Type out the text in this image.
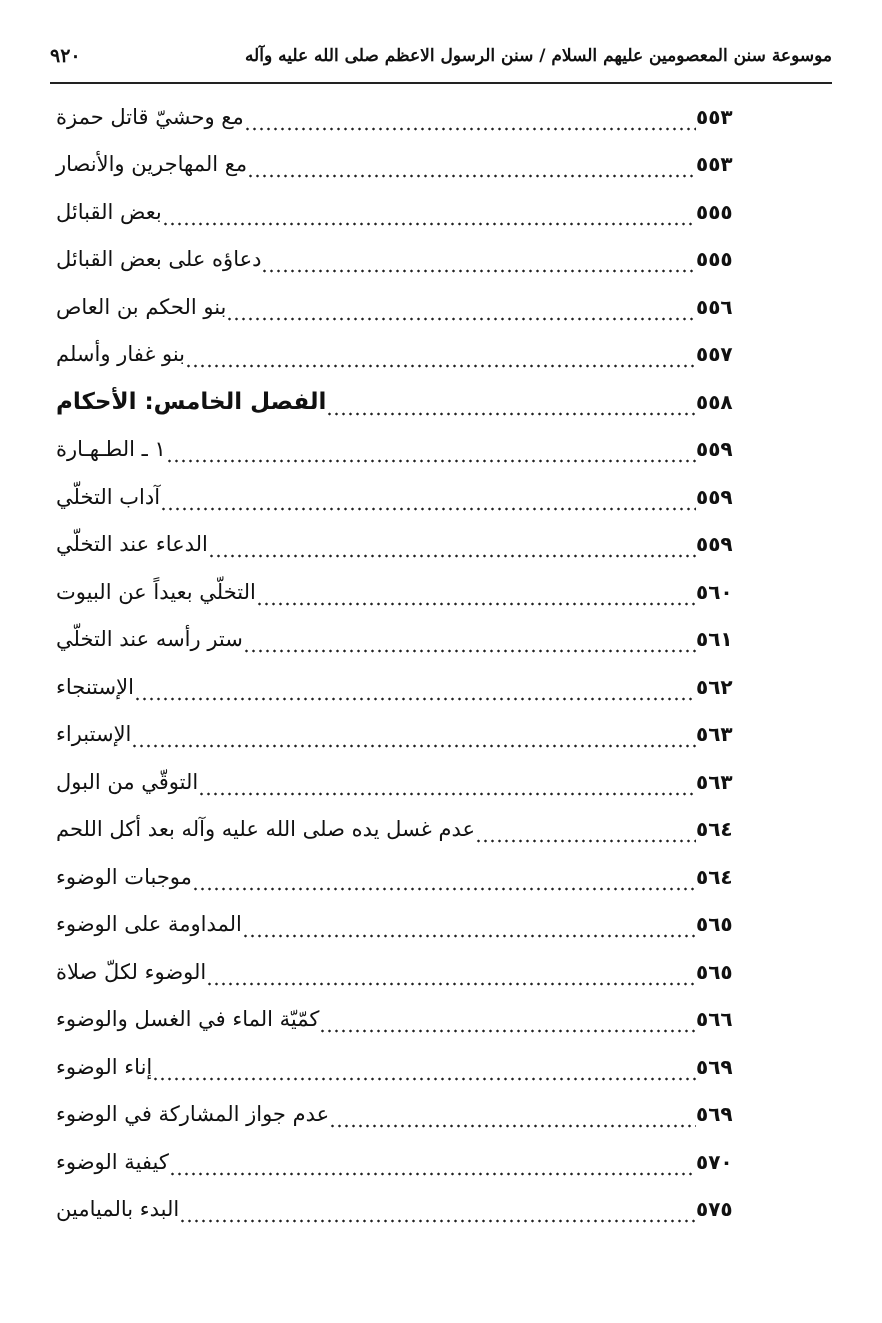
٩٢٠	موسوعة سنن المعصومين عليهم السلام / سنن الرسول الاعظم صلى الله عليه وآله
مع وحشيّ قاتل حمزة	٥٥٣
مع المهاجرين والأنصار	٥٥٣
بعض القبائل	٥٥٥
دعاؤه على بعض القبائل	٥٥٥
بنو الحكم بن العاص	٥٥٦
بنو غفار وأسلم	٥٥٧
الفصل الخامس: الأحكام	٥٥٨
١ ـ الطـهـارة	٥٥٩
آداب التخلّي	٥٥٩
الدعاء عند التخلّي	٥٥٩
التخلّي بعيداً عن البيوت	٥٦٠
ستر رأسه عند التخلّي	٥٦١
الإستنجاء	٥٦٢
الإستبراء	٥٦٣
التوقّي من البول	٥٦٣
عدم غسل يده صلى الله عليه وآله بعد أكل اللحم	٥٦٤
موجبات الوضوء	٥٦٤
المداومة على الوضوء	٥٦٥
الوضوء لكلّ صلاة	٥٦٥
كمّيّة الماء في الغسل والوضوء	٥٦٦
إناء الوضوء	٥٦٩
عدم جواز المشاركة في الوضوء	٥٦٩
كيفية الوضوء	٥٧٠
البدء بالميامين	٥٧٥
